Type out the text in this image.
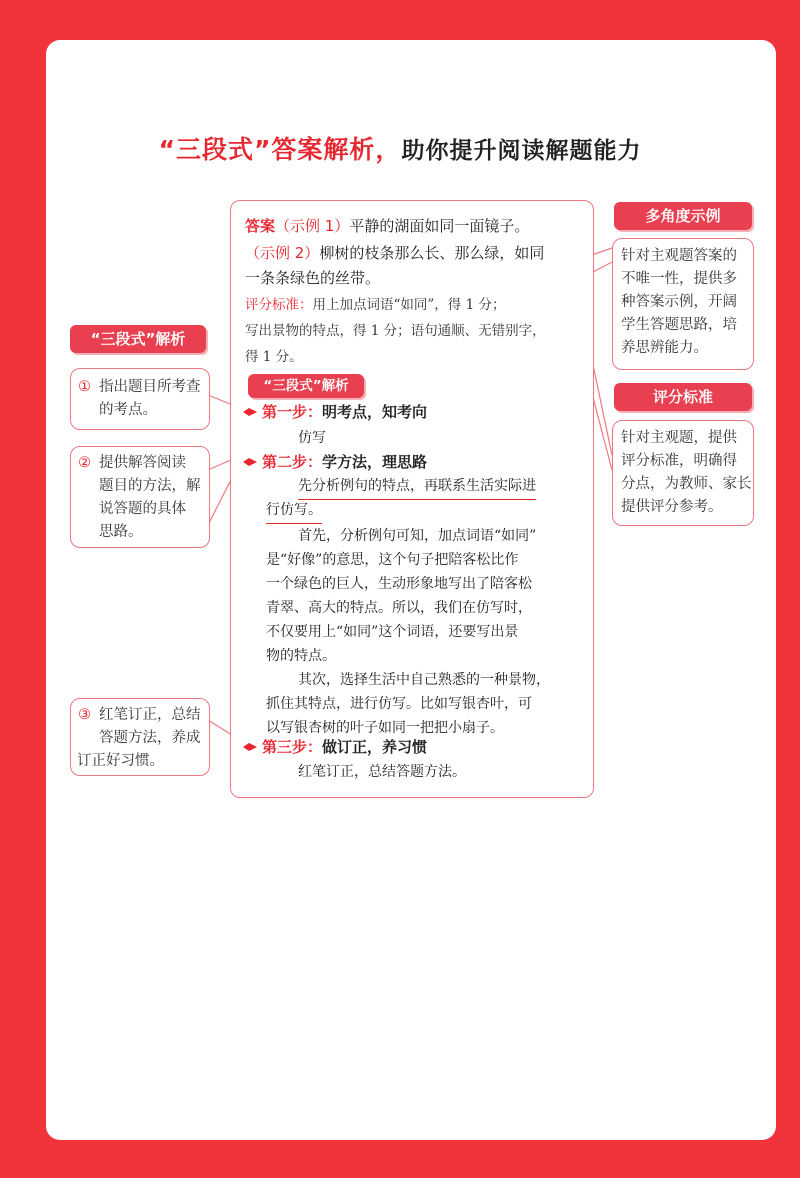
“三段式”答案解析，助你提升阅读解题能力
“三段式”解析
① 指出题目所考查
的考点。
② 提供解答阅读
题目的方法，解
说答题的具体
思路。
③ 红笔订正，总结
答题方法，养成
订正好习惯。
多角度示例
针对主观题答案的
不唯一性，提供多
种答案示例，开阔
学生答题思路，培
养思辨能力。
评分标准
针对主观题，提供
评分标准，明确得
分点，为教师、家长
提供评分参考。
答案（示例 1）平静的湖面如同一面镜子。
（示例 2）柳树的枝条那么长、那么绿，如同
一条条绿色的丝带。
评分标准：用上加点词语“如同”，得 1 分；
写出景物的特点，得 1 分；语句通顺、无错别字，
得 1 分。
“三段式”解析
第一步：明考点，知考向
仿写
第二步：学方法，理思路
先分析例句的特点，再联系生活实际进
行仿写。
首先，分析例句可知，加点词语“如同”
是“好像”的意思，这个句子把陪客松比作
一个绿色的巨人，生动形象地写出了陪客松
青翠、高大的特点。所以，我们在仿写时，
不仅要用上“如同”这个词语，还要写出景
物的特点。
其次，选择生活中自己熟悉的一种景物，
抓住其特点，进行仿写。比如写银杏叶，可
以写银杏树的叶子如同一把把小扇子。
第三步：做订正，养习惯
红笔订正，总结答题方法。
